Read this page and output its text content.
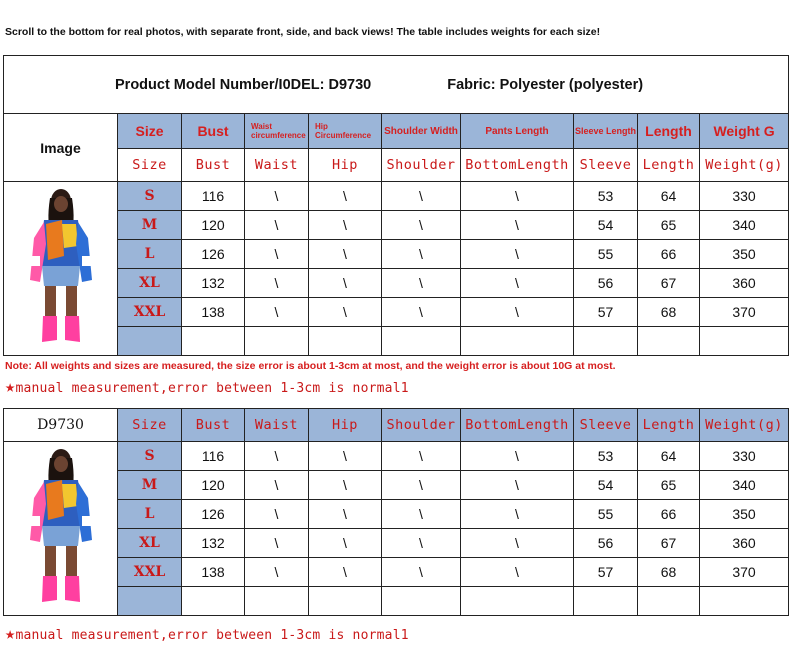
Scroll to the bottom for real photos, with separate front, side, and back views! The table includes weights for each size!
Product Model Number/I0DEL: D9730 Fabric: Polyester (polyester)									
Image	Size	Bust	Waist circumference	Hip Circumference	Shoulder Width	Pants Length	Sleeve Length	Length	Weight G
	Size	Bust	Waist	Hip	Shoulder	BottomLength	Sleeve	Length	Weight(g)
	S	116	\	\	\	\	53	64	330
	M	120	\	\	\	\	54	65	340
	L	126	\	\	\	\	55	66	350
	XL	132	\	\	\	\	56	67	360
	XXL	138	\	\	\	\	57	68	370

Note: All weights and sizes are measured, the size error is about 1-3cm at most, and the weight error is about 10G at most.
★manual measurement,error between 1-3cm is normal1
D9730	Size	Bust	Waist	Hip	Shoulder	BottomLength	Sleeve	Length	Weight(g)
	S	116	\	\	\	\	53	64	330
	M	120	\	\	\	\	54	65	340
	L	126	\	\	\	\	55	66	350
	XL	132	\	\	\	\	56	67	360
	XXL	138	\	\	\	\	57	68	370

★manual measurement,error between 1-3cm is normal1
